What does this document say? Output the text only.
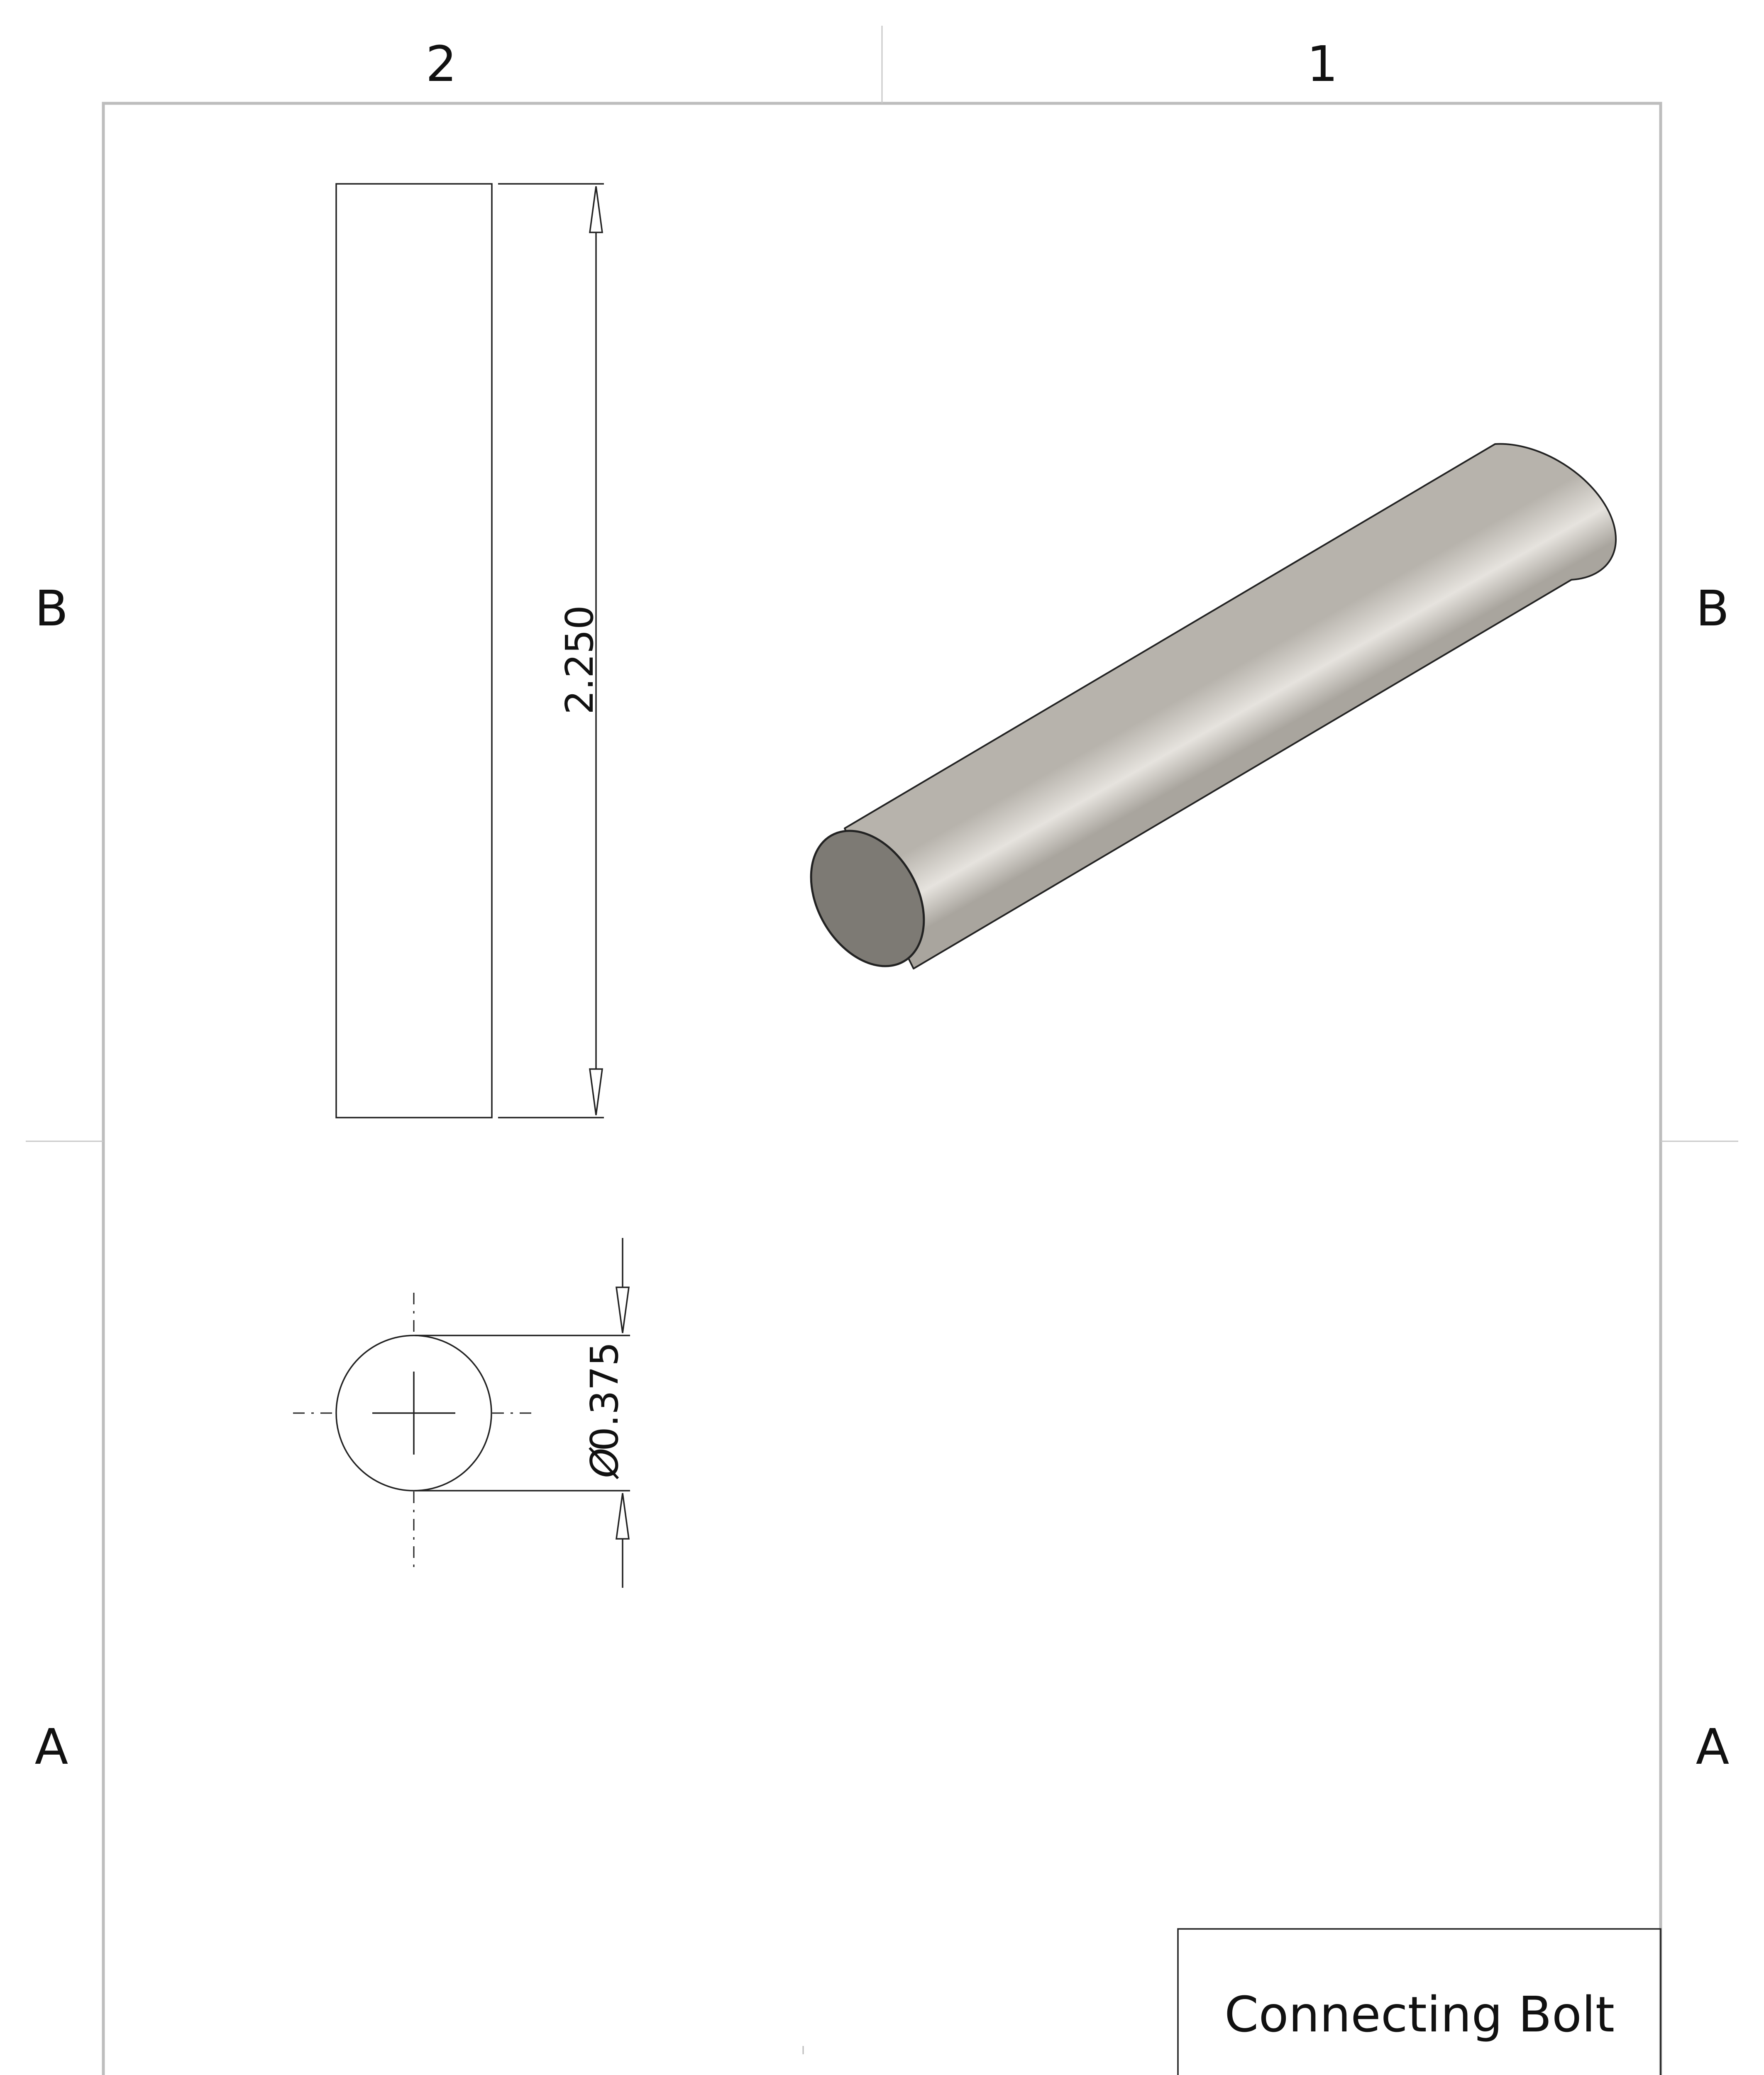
2	1
B
A
B
A
2.250
Ø
0.375
Connecting Bolt
